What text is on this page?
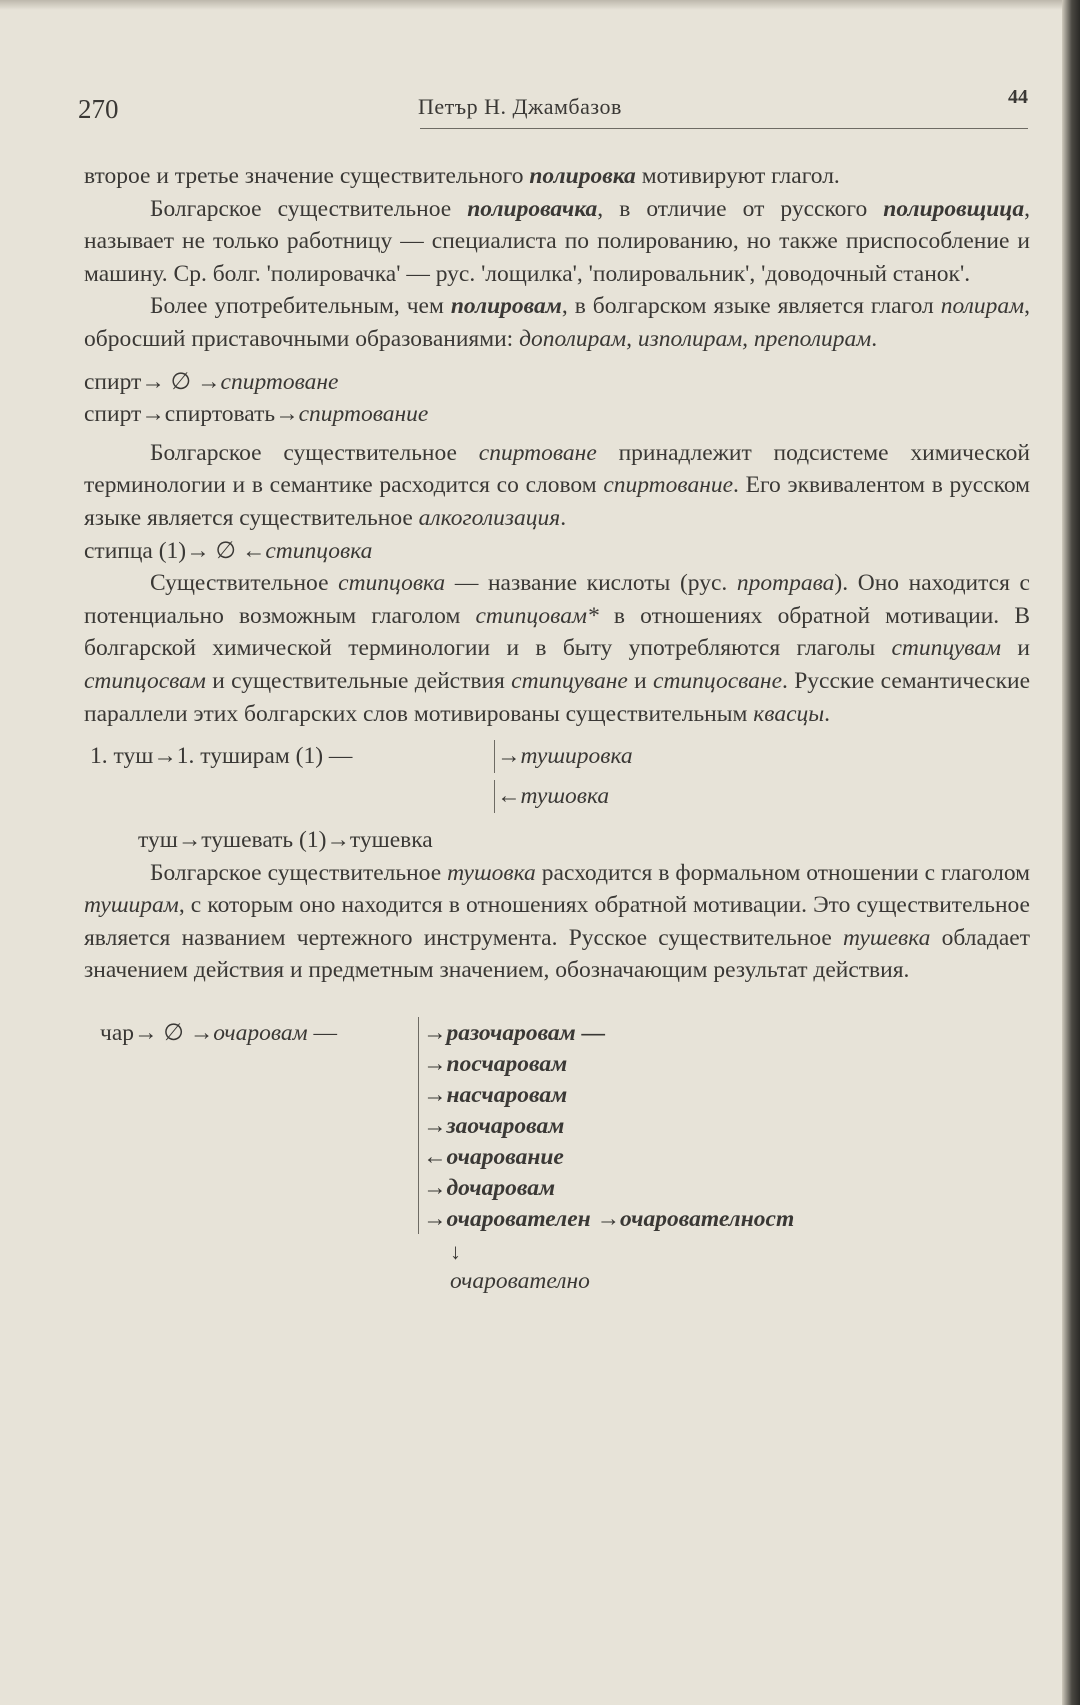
270	Петър Н. Джамбазов	44

второе и третье значение существительного полировка мотивируют глагол.

Болгарское существительное полировачка, в отличие от русского полировщица, называет не только работницу — специалиста по полированию, но также приспособление и машину. Ср. болг. 'полировачка' — рус. 'лощилка', 'полировальник', 'доводочный станок'.

Более употребительным, чем полировам, в болгарском языке является глагол полирам, обросший приставочными образованиями: дополирам, изполирам, преполирам.

спирт→ ∅ →спиртоване
спирт→спиртовать→спиртование

Болгарское существительное спиртоване принадлежит подсистеме химической терминологии и в семантике расходится со словом спиртование. Его эквивалентом в русском языке является существительное алкоголизация.

стипца (1)→ ∅ ←стипцовка

Существительное стипцовка — название кислоты (рус. протрава). Оно находится с потенциально возможным глаголом стипцовам* в отношениях обратной мотивации. В болгарской химической терминологии и в быту употребляются глаголы стипцувам и стипцосвам и существительные действия стипцуване и стипцосване. Русские семантические параллели этих болгарских слов мотивированы существительным квасцы.

1. туш→1. туширам (1) —	→тушировка
←тушовка
туш→тушевать (1)→тушевка

Болгарское существительное тушовка расходится в формальном отношении с глаголом туширам, с которым оно находится в отношениях обратной мотивации. Это существительное является названием чертежного инструмента. Русское существительное тушевка обладает значением действия и предметным значением, обозначающим результат действия.

чар→ ∅ →очаровам —	→разочаровам —
→посчаровам
→насчаровам
→заочаровам
←очарование
→дочаровам
→очарователен →очарователност
↓
очарователно
